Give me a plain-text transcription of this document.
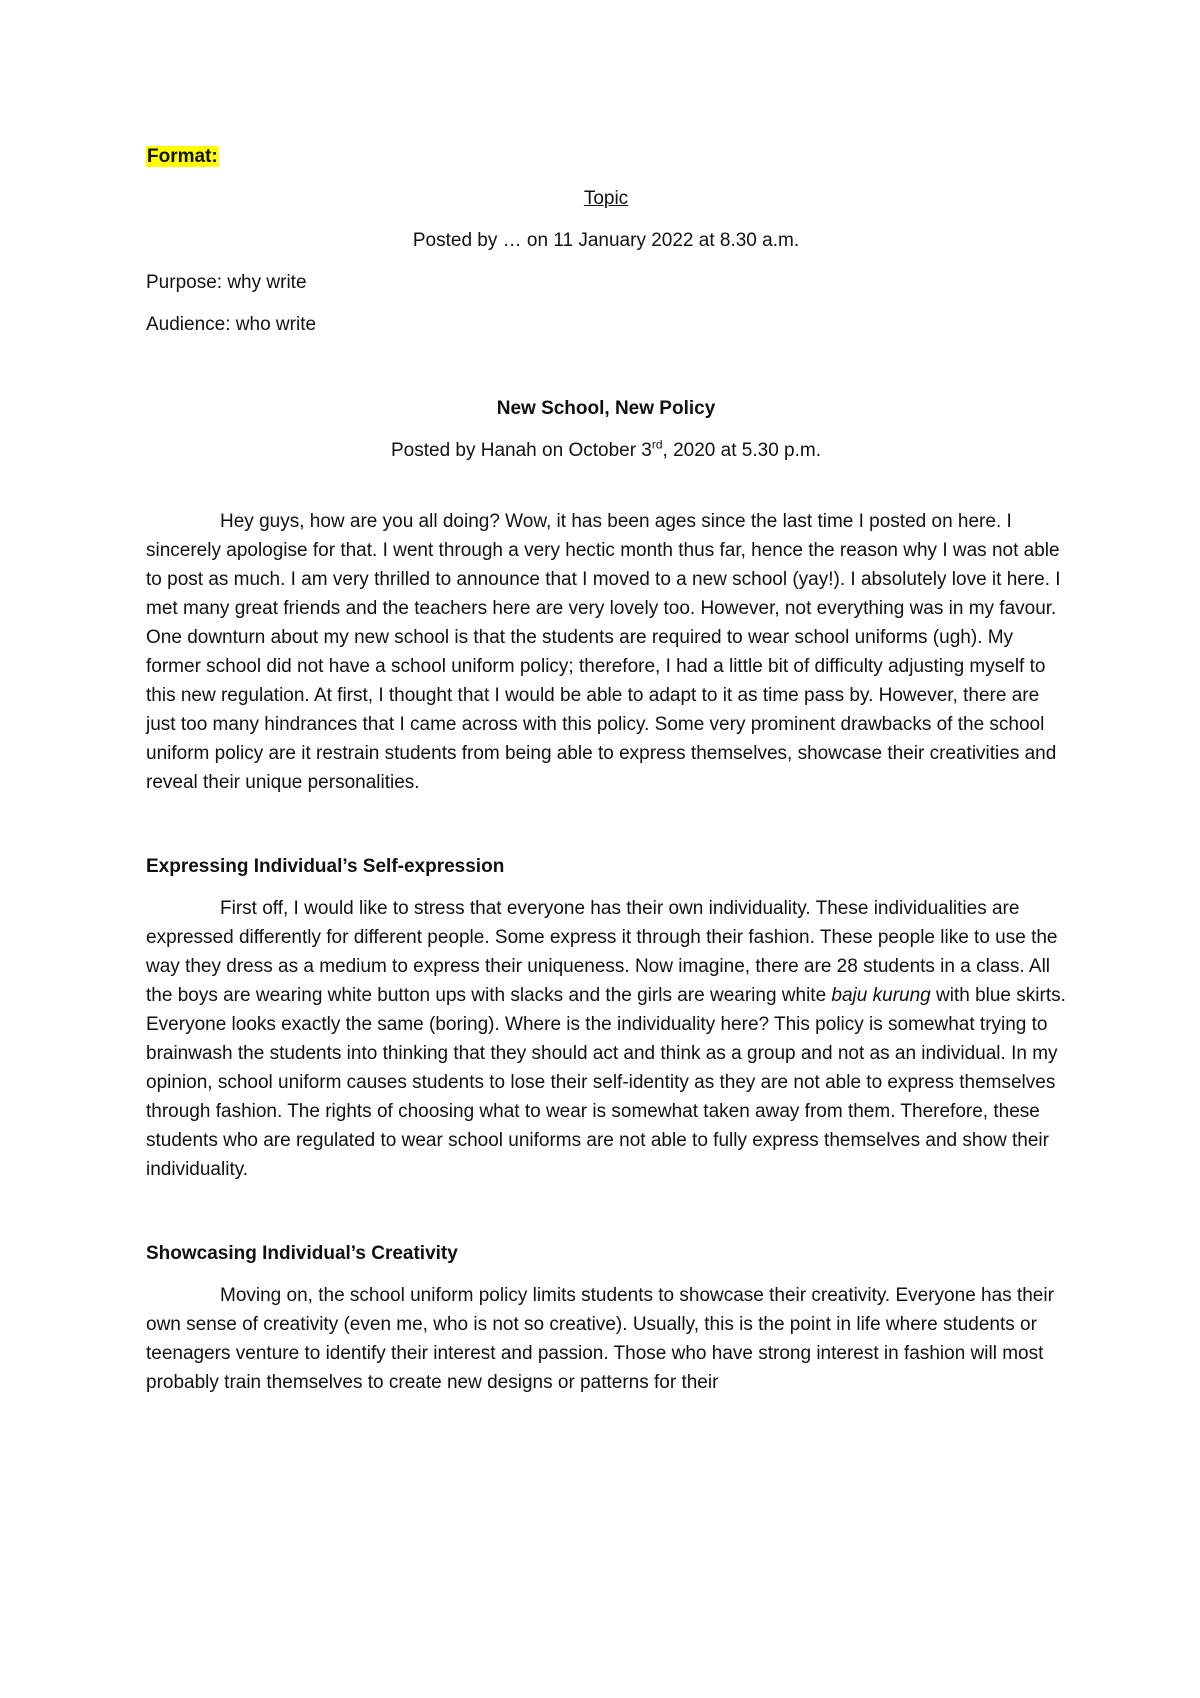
Format:

Topic

Posted by … on 11 January 2022 at 8.30 a.m.

Purpose: why write

Audience: who write

New School, New Policy

Posted by Hanah on October 3rd, 2020 at 5.30 p.m.

Hey guys, how are you all doing? Wow, it has been ages since the last time I posted on here. I sincerely apologise for that. I went through a very hectic month thus far, hence the reason why I was not able to post as much. I am very thrilled to announce that I moved to a new school (yay!). I absolutely love it here. I met many great friends and the teachers here are very lovely too. However, not everything was in my favour. One downturn about my new school is that the students are required to wear school uniforms (ugh). My former school did not have a school uniform policy; therefore, I had a little bit of difficulty adjusting myself to this new regulation. At first, I thought that I would be able to adapt to it as time pass by. However, there are just too many hindrances that I came across with this policy. Some very prominent drawbacks of the school uniform policy are it restrain students from being able to express themselves, showcase their creativities and reveal their unique personalities.

Expressing Individual’s Self-expression

First off, I would like to stress that everyone has their own individuality. These individualities are expressed differently for different people. Some express it through their fashion. These people like to use the way they dress as a medium to express their uniqueness. Now imagine, there are 28 students in a class. All the boys are wearing white button ups with slacks and the girls are wearing white baju kurung with blue skirts. Everyone looks exactly the same (boring). Where is the individuality here? This policy is somewhat trying to brainwash the students into thinking that they should act and think as a group and not as an individual. In my opinion, school uniform causes students to lose their self-identity as they are not able to express themselves through fashion. The rights of choosing what to wear is somewhat taken away from them. Therefore, these students who are regulated to wear school uniforms are not able to fully express themselves and show their individuality.

Showcasing Individual’s Creativity

Moving on, the school uniform policy limits students to showcase their creativity. Everyone has their own sense of creativity (even me, who is not so creative). Usually, this is the point in life where students or teenagers venture to identify their interest and passion. Those who have strong interest in fashion will most probably train themselves to create new designs or patterns for their
